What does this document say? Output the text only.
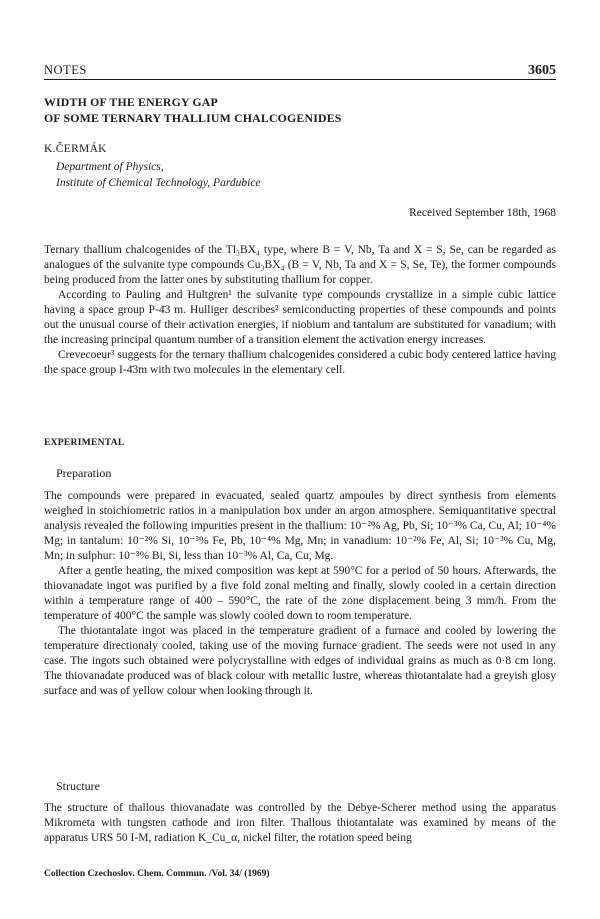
NOTES	3605
WIDTH OF THE ENERGY GAP
OF SOME TERNARY THALLIUM CHALCOGENIDES
K.ČERMÁK
Department of Physics,
Institute of Chemical Technology, Pardubice
Received September 18th, 1968

Ternary thallium chalcogenides of the Tl₃BX₄ type, where B = V, Nb, Ta and X = S, Se, can be regarded as analogues of the sulvanite type compounds Cu₃BX₄ (B = V, Nb, Ta and X = S, Se, Te), the former compounds being produced from the latter ones by substituting thallium for copper.

According to Pauling and Hultgren¹ the sulvanite type compounds crystallize in a simple cubic lattice having a space group P-4̄3 m. Hulliger describes² semiconducting properties of these compounds and points out the unusual course of their activation energies, if niobium and tantalum are substituted for vanadium; with the increasing principal quantum number of a transition element the activation energy increases.

Crevecoeur³ suggests for the ternary thallium chalcogenides considered a cubic body centered lattice having the space group I-4̄3m with two molecules in the elementary cell.

EXPERIMENTAL
Preparation

The compounds were prepared in evacuated, sealed quartz ampoules by direct synthesis from elements weighed in stoichiometric ratios in a manipulation box under an argon atmosphere. Semiquantitative spectral analysis revealed the following impurities present in the thallium: 10⁻²% Ag, Pb, Si; 10⁻³% Ca, Cu, Al; 10⁻⁴% Mg; in tantalum: 10⁻²% Si, 10⁻³% Fe, Pb, 10⁻⁴% Mg, Mn; in vanadium: 10⁻²% Fe, Al, Si; 10⁻³% Cu, Mg, Mn; in sulphur: 10⁻³% Bi, Si, less than 10⁻³% Al, Ca, Cu, Mg.

After a gentle heating, the mixed composition was kept at 590°C for a period of 50 hours. Afterwards, the thiovanadate ingot was purified by a five fold zonal melting and finally, slowly cooled in a certain direction within a temperature range of 400 – 590°C, the rate of the zone displacement being 3 mm/h. From the temperature of 400°C the sample was slowly cooled down to room temperature.

The thiotantalate ingot was placed in the temperature gradient of a furnace and cooled by lowering the temperature directionaly cooled, taking use of the moving furnace gradient. The seeds were not used in any case. The ingots such obtained were polycrystalline with edges of individual grains as much as 0·8 cm long. The thiovanadate produced was of black colour with metallic lustre, whereas thiotantalate had a greyish glosy surface and was of yellow colour when looking through it.

Structure

The structure of thallous thiovanadate was controlled by the Debye-Scherer method using the apparatus Mikrometa with tungsten cathode and iron filter. Thallous thiotantalate was examined by means of the apparatus URS 50 I-M, radiation K_Cu_α, nickel filter, the rotation speed being

Collection Czechoslov. Chem. Commun. /Vol. 34/ (1969)
